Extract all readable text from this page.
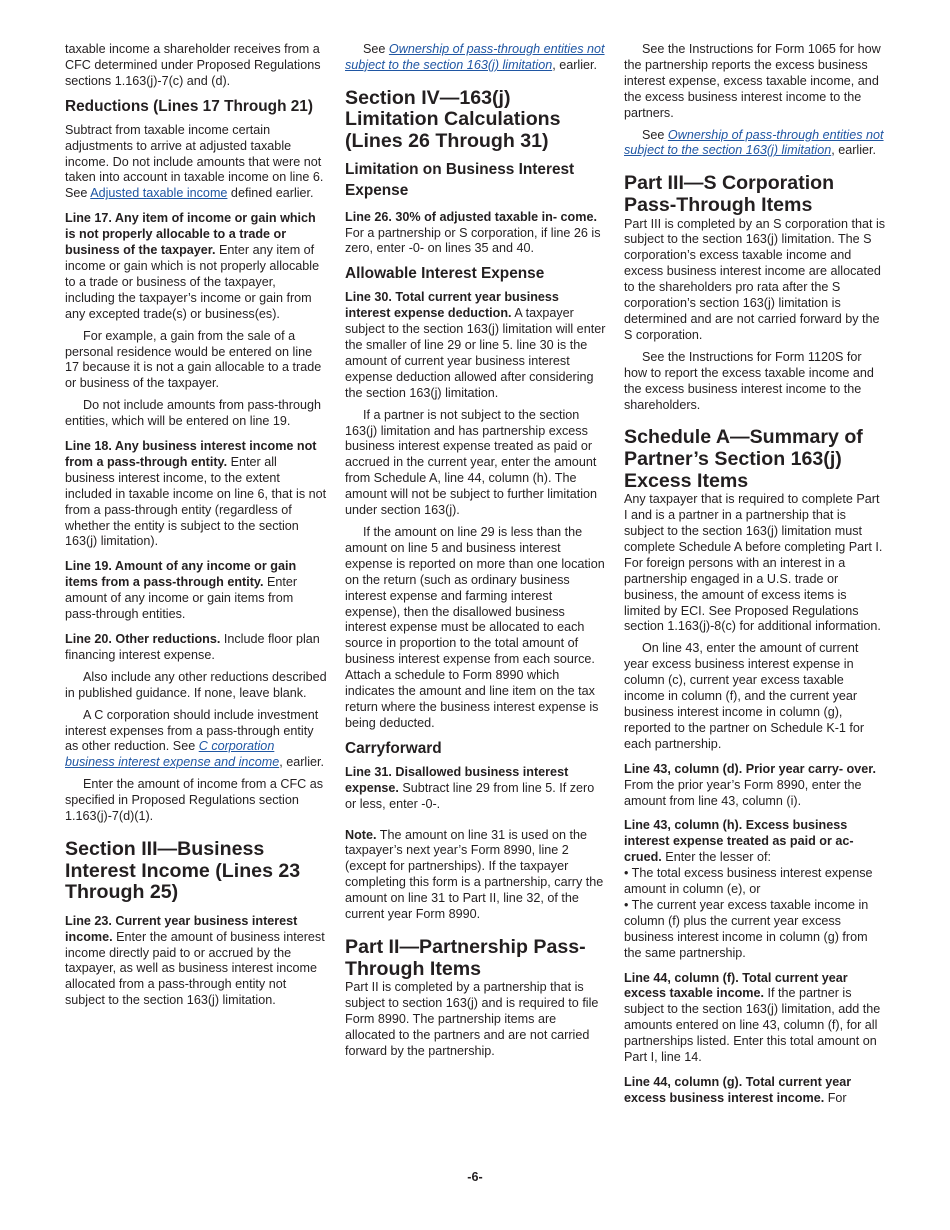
taxable income a shareholder receives from a CFC determined under Proposed Regulations sections 1.163(j)-7(c) and (d).

Reductions (Lines 17 Through 21)

Subtract from taxable income certain adjustments to arrive at adjusted taxable income. Do not include amounts that were not taken into account in taxable income on line 6. See Adjusted taxable income defined earlier.

Line 17. Any item of income or gain which is not properly allocable to a trade or business of the taxpayer. Enter any item of income or gain which is not properly allocable to a trade or business of the taxpayer, including the taxpayer’s income or gain from any excepted trade(s) or business(es).

For example, a gain from the sale of a personal residence would be entered on line 17 because it is not a gain allocable to a trade or business of the taxpayer.

Do not include amounts from pass-through entities, which will be entered on line 19.

Line 18. Any business interest income not from a pass-through entity. Enter all business interest income, to the extent included in taxable income on line 6, that is not from a pass-through entity (regardless of whether the entity is subject to the section 163(j) limitation).

Line 19. Amount of any income or gain items from a pass-through entity. Enter amount of any income or gain items from pass-through entities.

Line 20. Other reductions. Include floor plan financing interest expense.

Also include any other reductions described in published guidance. If none, leave blank.

A C corporation should include investment interest expenses from a pass-through entity as other reduction. See C corporation business interest expense and income, earlier.

Enter the amount of income from a CFC as specified in Proposed Regulations section 1.163(j)-7(d)(1).

Section III—Business Interest Income (Lines 23 Through 25)

Line 23. Current year business interest income. Enter the amount of business interest income directly paid to or accrued by the taxpayer, as well as business interest income allocated from a pass-through entity not subject to the section 163(j) limitation.

See Ownership of pass-through entities not subject to the section 163(j) limitation, earlier.

Section IV—163(j) Limitation Calculations (Lines 26 Through 31)
Limitation on Business Interest Expense

Line 26. 30% of adjusted taxable in- come. For a partnership or S corporation, if line 26 is zero, enter -0- on lines 35 and 40.

Allowable Interest Expense

Line 30. Total current year business interest expense deduction. A taxpayer subject to the section 163(j) limitation will enter the smaller of line 29 or line 5. line 30 is the amount of current year business interest expense deduction allowed after considering the section 163(j) limitation.

If a partner is not subject to the section 163(j) limitation and has partnership excess business interest expense treated as paid or accrued in the current year, enter the amount from Schedule A, line 44, column (h). The amount will not be subject to further limitation under section 163(j).

If the amount on line 29 is less than the amount on line 5 and business interest expense is reported on more than one location on the return (such as ordinary business interest expense and farming interest expense), then the disallowed business interest expense must be allocated to each source in proportion to the total amount of business interest expense from each source. Attach a schedule to Form 8990 which indicates the amount and line item on the tax return where the business interest expense is being deducted.

Carryforward

Line 31. Disallowed business interest expense. Subtract line 29 from line 5. If zero or less, enter -0-.

Note. The amount on line 31 is used on the taxpayer’s next year’s Form 8990, line 2 (except for partnerships). If the taxpayer completing this form is a partnership, carry the amount on line 31 to Part II, line 32, of the current year Form 8990.

Part II—Partnership Pass-Through Items

Part II is completed by a partnership that is subject to section 163(j) and is required to file Form 8990. The partnership items are allocated to the partners and are not carried forward by the partnership.

See the Instructions for Form 1065 for how the partnership reports the excess business interest expense, excess taxable income, and the excess business interest income to the partners.

See Ownership of pass-through entities not subject to the section 163(j) limitation, earlier.

Part III—S Corporation Pass-Through Items

Part III is completed by an S corporation that is subject to the section 163(j) limitation. The S corporation’s excess taxable income and excess business interest income are allocated to the shareholders pro rata after the S corporation’s section 163(j) limitation is determined and are not carried forward by the S corporation.

See the Instructions for Form 1120S for how to report the excess taxable income and the excess business interest income to the shareholders.

Schedule A—Summary of Partner’s Section 163(j) Excess Items

Any taxpayer that is required to complete Part I and is a partner in a partnership that is subject to the section 163(j) limitation must complete Schedule A before completing Part I. For foreign persons with an interest in a partnership engaged in a U.S. trade or business, the amount of excess items is limited by ECI. See Proposed Regulations section 1.163(j)-8(c) for additional information.

On line 43, enter the amount of current year excess business interest expense in column (c), current year excess taxable income in column (f), and the current year business interest income in column (g), reported to the partner on Schedule K-1 for each partnership.

Line 43, column (d). Prior year carry- over. From the prior year’s Form 8990, enter the amount from line 43, column (i).

Line 43, column (h). Excess business interest expense treated as paid or ac- crued. Enter the lesser of:

• The total excess business interest expense amount in column (e), or

• The current year excess taxable income in column (f) plus the current year excess business interest income in column (g) from the same partnership.

Line 44, column (f). Total current year excess taxable income. If the partner is subject to the section 163(j) limitation, add the amounts entered on line 43, column (f), for all partnerships listed. Enter this total amount on Part I, line 14.

Line 44, column (g). Total current year excess business interest income. For

-6-
